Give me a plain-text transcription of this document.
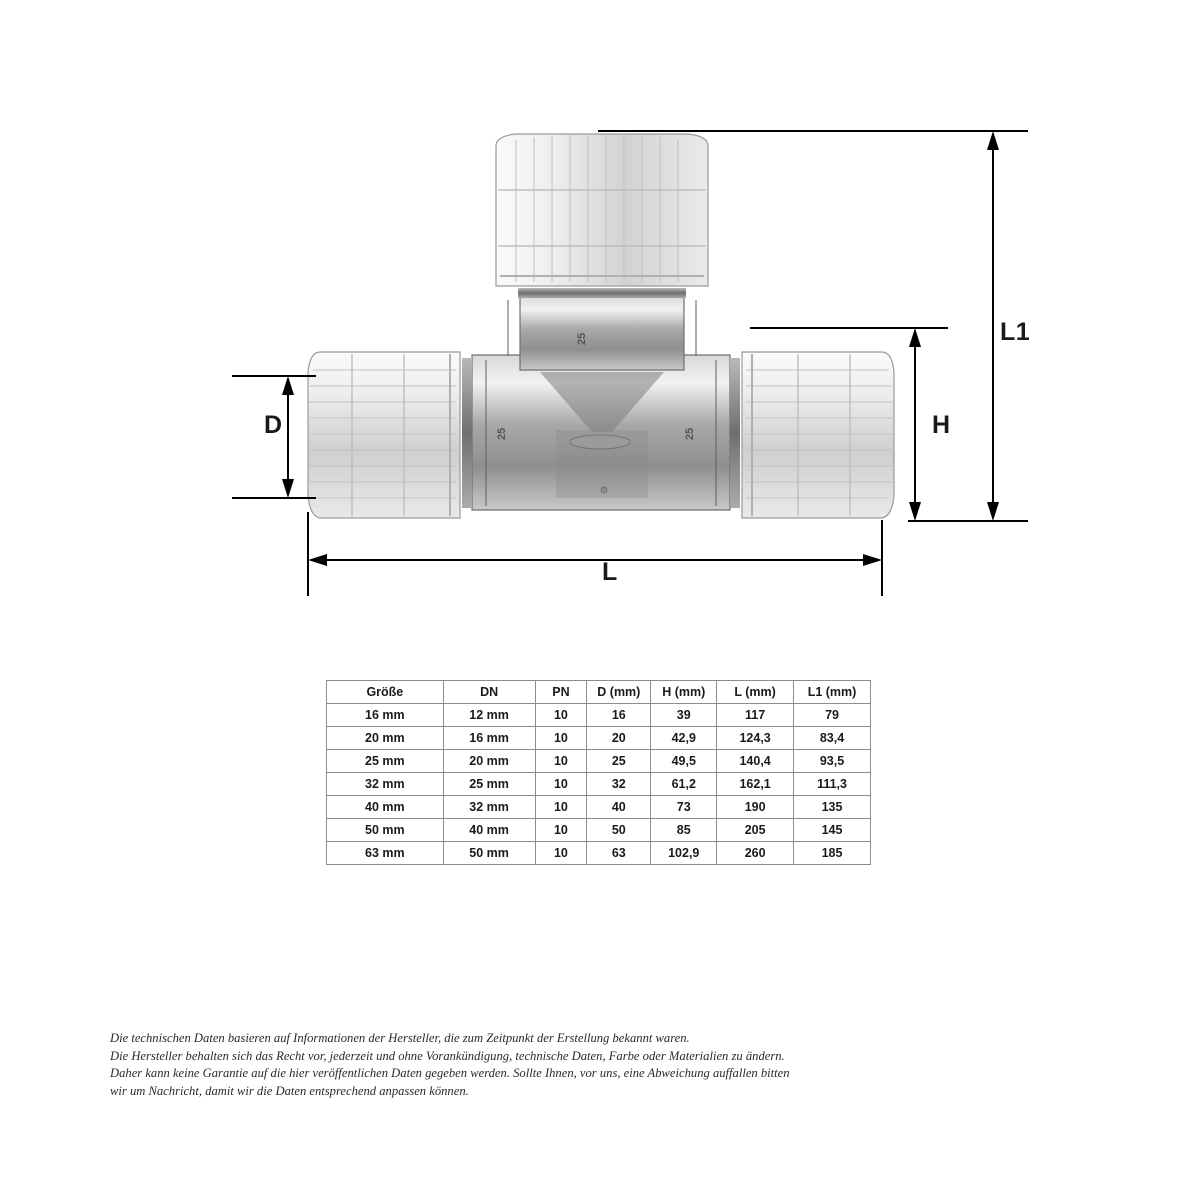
25
25	25
L1
H
D
L
Größe	DN	PN	D (mm)	H (mm)	L (mm)	L1 (mm)
16 mm	12 mm	10	16	39	117	79
20 mm	16 mm	10	20	42,9	124,3	83,4
25 mm	20 mm	10	25	49,5	140,4	93,5
32 mm	25 mm	10	32	61,2	162,1	111,3
40 mm	32 mm	10	40	73	190	135
50 mm	40 mm	10	50	85	205	145
63 mm	50 mm	10	63	102,9	260	185
Die technischen Daten basieren auf Informationen der Hersteller, die zum Zeitpunkt der Erstellung bekannt waren.
Die Hersteller behalten sich das Recht vor, jederzeit und ohne Vorankündigung, technische Daten, Farbe oder Materialien zu ändern.
Daher kann keine Garantie auf die hier veröffentlichen Daten gegeben werden. Sollte Ihnen, vor uns, eine Abweichung auffallen bitten
wir um Nachricht, damit wir die Daten entsprechend anpassen können.
